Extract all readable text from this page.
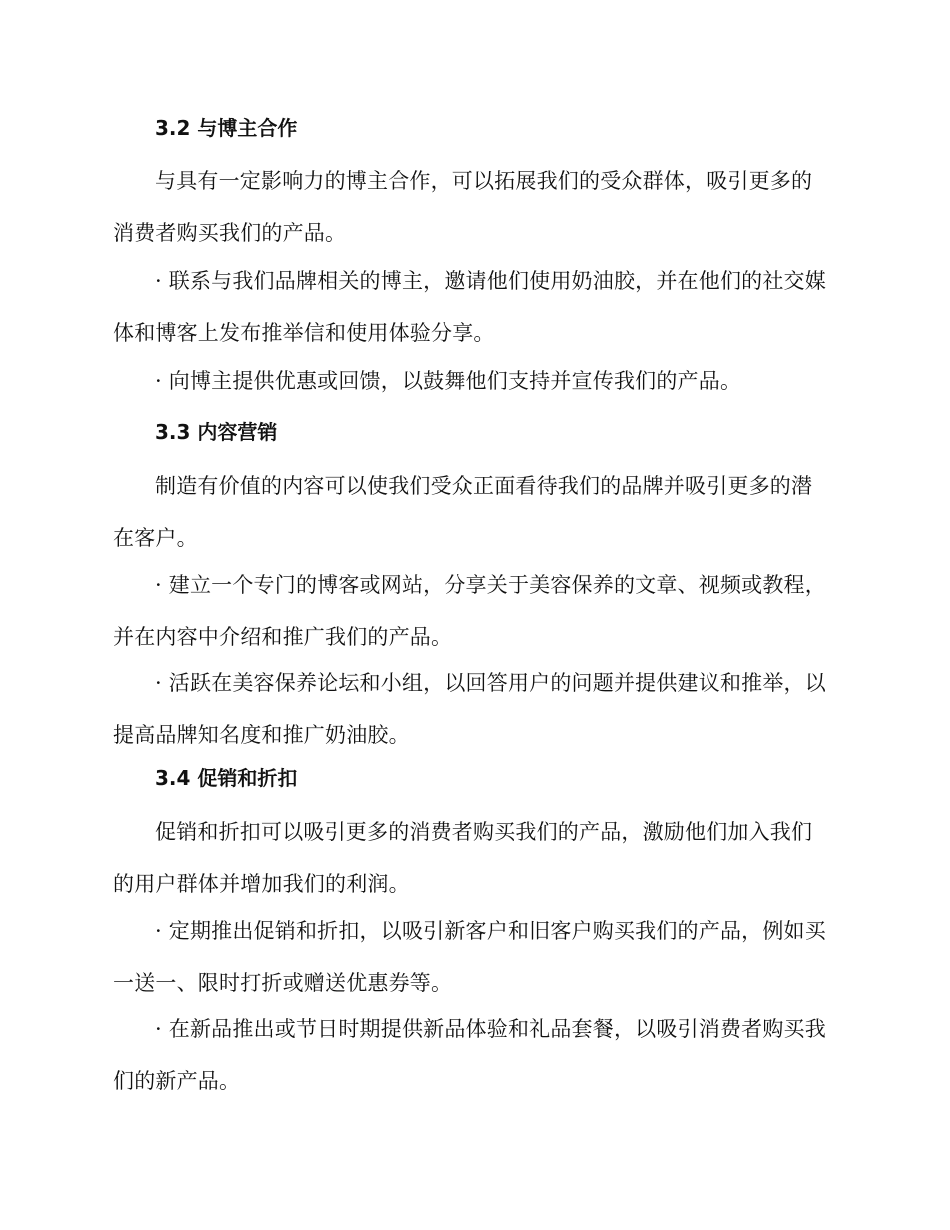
3.2 与博主合作

与具有一定影响力的博主合作，可以拓展我们的受众群体，吸引更多的消费者购买我们的产品。

· 联系与我们品牌相关的博主，邀请他们使用奶油胶，并在他们的社交媒体和博客上发布推举信和使用体验分享。

· 向博主提供优惠或回馈，以鼓舞他们支持并宣传我们的产品。

3.3 内容营销

制造有价值的内容可以使我们受众正面看待我们的品牌并吸引更多的潜在客户。

· 建立一个专门的博客或网站，分享关于美容保养的文章、视频或教程，并在内容中介绍和推广我们的产品。

· 活跃在美容保养论坛和小组，以回答用户的问题并提供建议和推举，以提高品牌知名度和推广奶油胶。

3.4 促销和折扣

促销和折扣可以吸引更多的消费者购买我们的产品，激励他们加入我们的用户群体并增加我们的利润。

· 定期推出促销和折扣，以吸引新客户和旧客户购买我们的产品，例如买一送一、限时打折或赠送优惠券等。

· 在新品推出或节日时期提供新品体验和礼品套餐，以吸引消费者购买我们的新产品。
